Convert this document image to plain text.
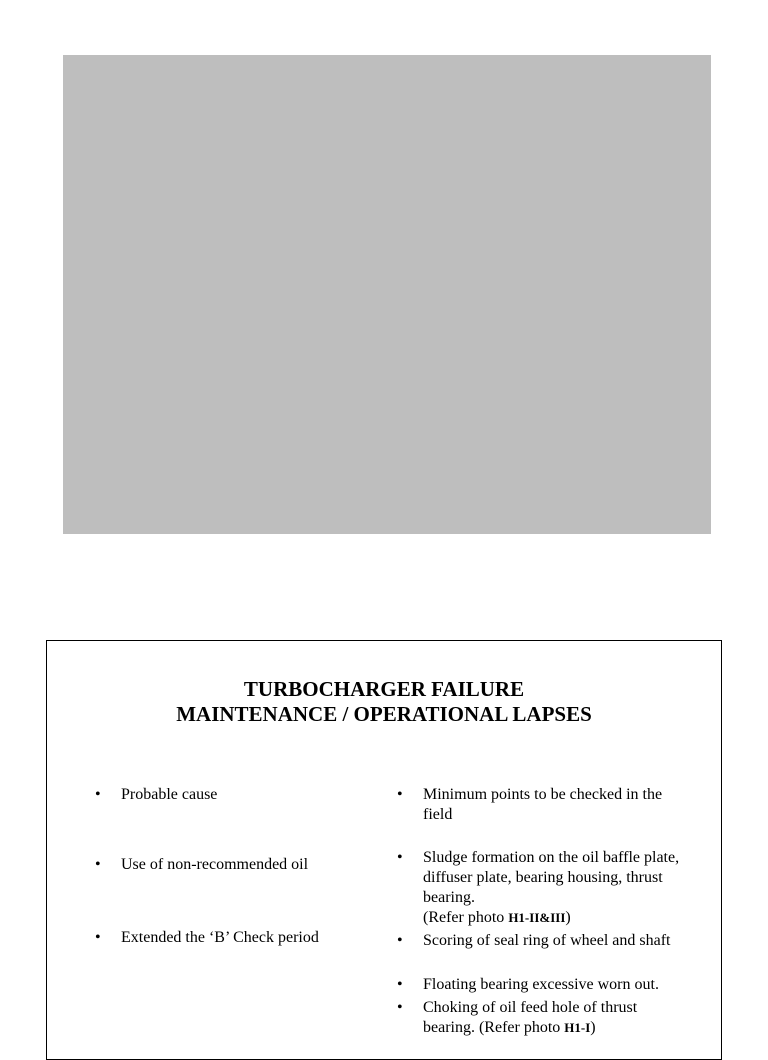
TURBOCHARGER FAILURE
MAINTENANCE / OPERATIONAL LAPSES
•	Probable cause
•	Use of non-recommended oil
•	Extended the ‘B’ Check period
•	Minimum points to be checked in the field
•	Sludge formation on the oil baffle plate, diffuser plate, bearing housing, thrust bearing.
(Refer photo H1-II&III)
•	Scoring of seal ring of wheel and shaft
•	Floating bearing excessive worn out.
•	Choking of oil feed hole of thrust bearing. (Refer photo H1-I)
